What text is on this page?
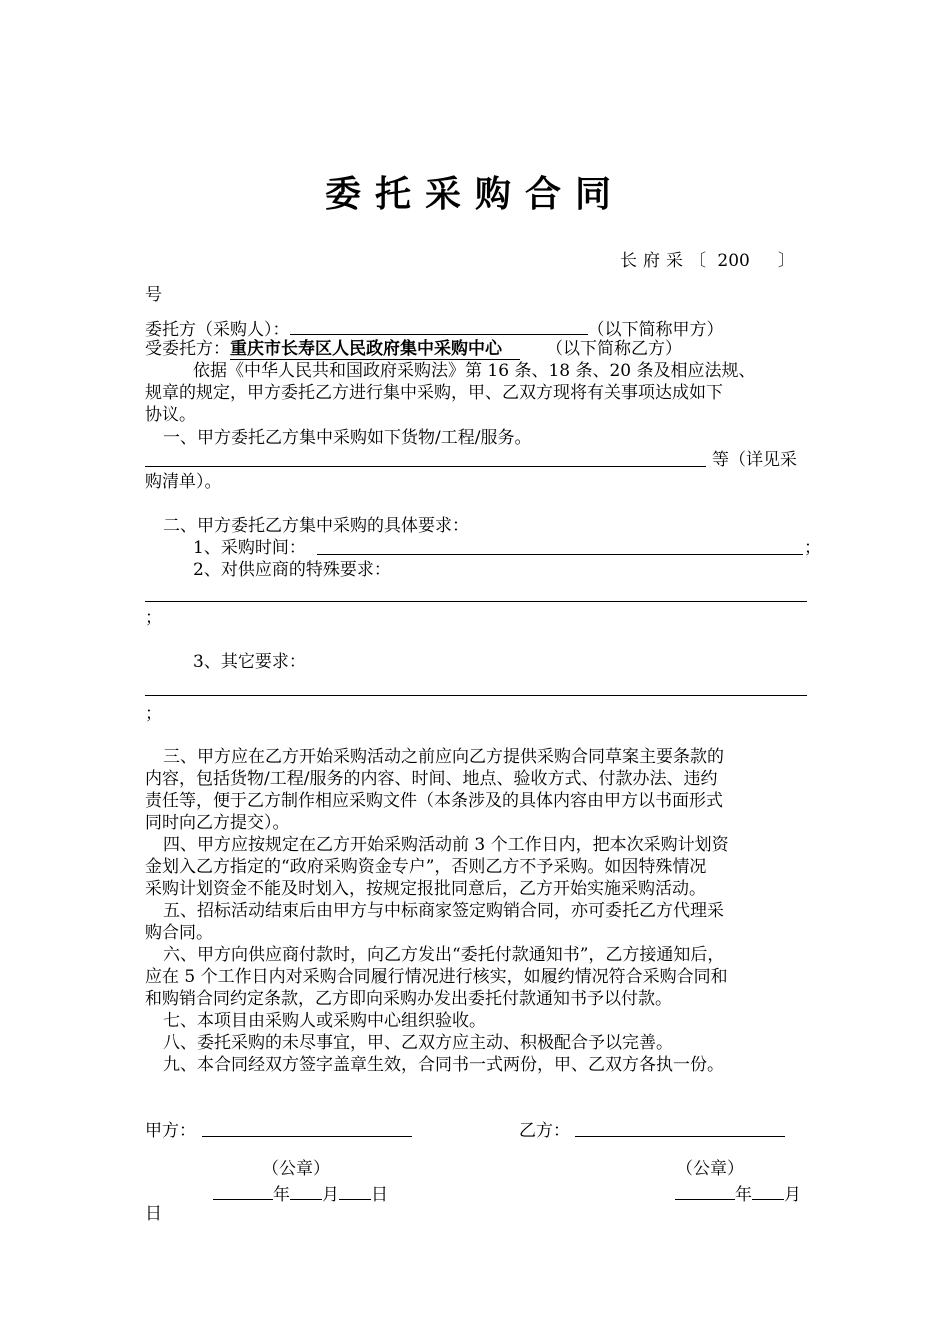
委托采购合同
长府采〔 200 〕
号
委托方（采购人）：	（以下简称甲方）
受委托方：重庆市长寿区人民政府集中采购中心	（以下简称乙方）
依据《中华人民共和国政府采购法》第 16 条、18 条、20 条及相应法规、
规章的规定，甲方委托乙方进行集中采购，甲、乙双方现将有关事项达成如下
协议。
一、甲方委托乙方集中采购如下货物/工程/服务。
等（详见采
购清单）。
二、甲方委托乙方集中采购的具体要求：
1、采购时间：	；
2、对供应商的特殊要求：
；
3、其它要求：
；
三、甲方应在乙方开始采购活动之前应向乙方提供采购合同草案主要条款的
内容，包括货物/工程/服务的内容、时间、地点、验收方式、付款办法、违约
责任等，便于乙方制作相应采购文件（本条涉及的具体内容由甲方以书面形式
同时向乙方提交）。
四、甲方应按规定在乙方开始采购活动前 3 个工作日内，把本次采购计划资
金划入乙方指定的“政府采购资金专户”，否则乙方不予采购。如因特殊情况
采购计划资金不能及时划入，按规定报批同意后，乙方开始实施采购活动。
五、招标活动结束后由甲方与中标商家签定购销合同，亦可委托乙方代理采
购合同。
六、甲方向供应商付款时，向乙方发出“委托付款通知书”，乙方接通知后，
应在 5 个工作日内对采购合同履行情况进行核实，如履约情况符合采购合同和
和购销合同约定条款，乙方即向采购办发出委托付款通知书予以付款。
七、本项目由采购人或采购中心组织验收。
八、委托采购的未尽事宜，甲、乙双方应主动、积极配合予以完善。
九、本合同经双方签字盖章生效，合同书一式两份，甲、乙双方各执一份。
甲方：	乙方：
（公章）	（公章）
年 月 日	年 月
日
